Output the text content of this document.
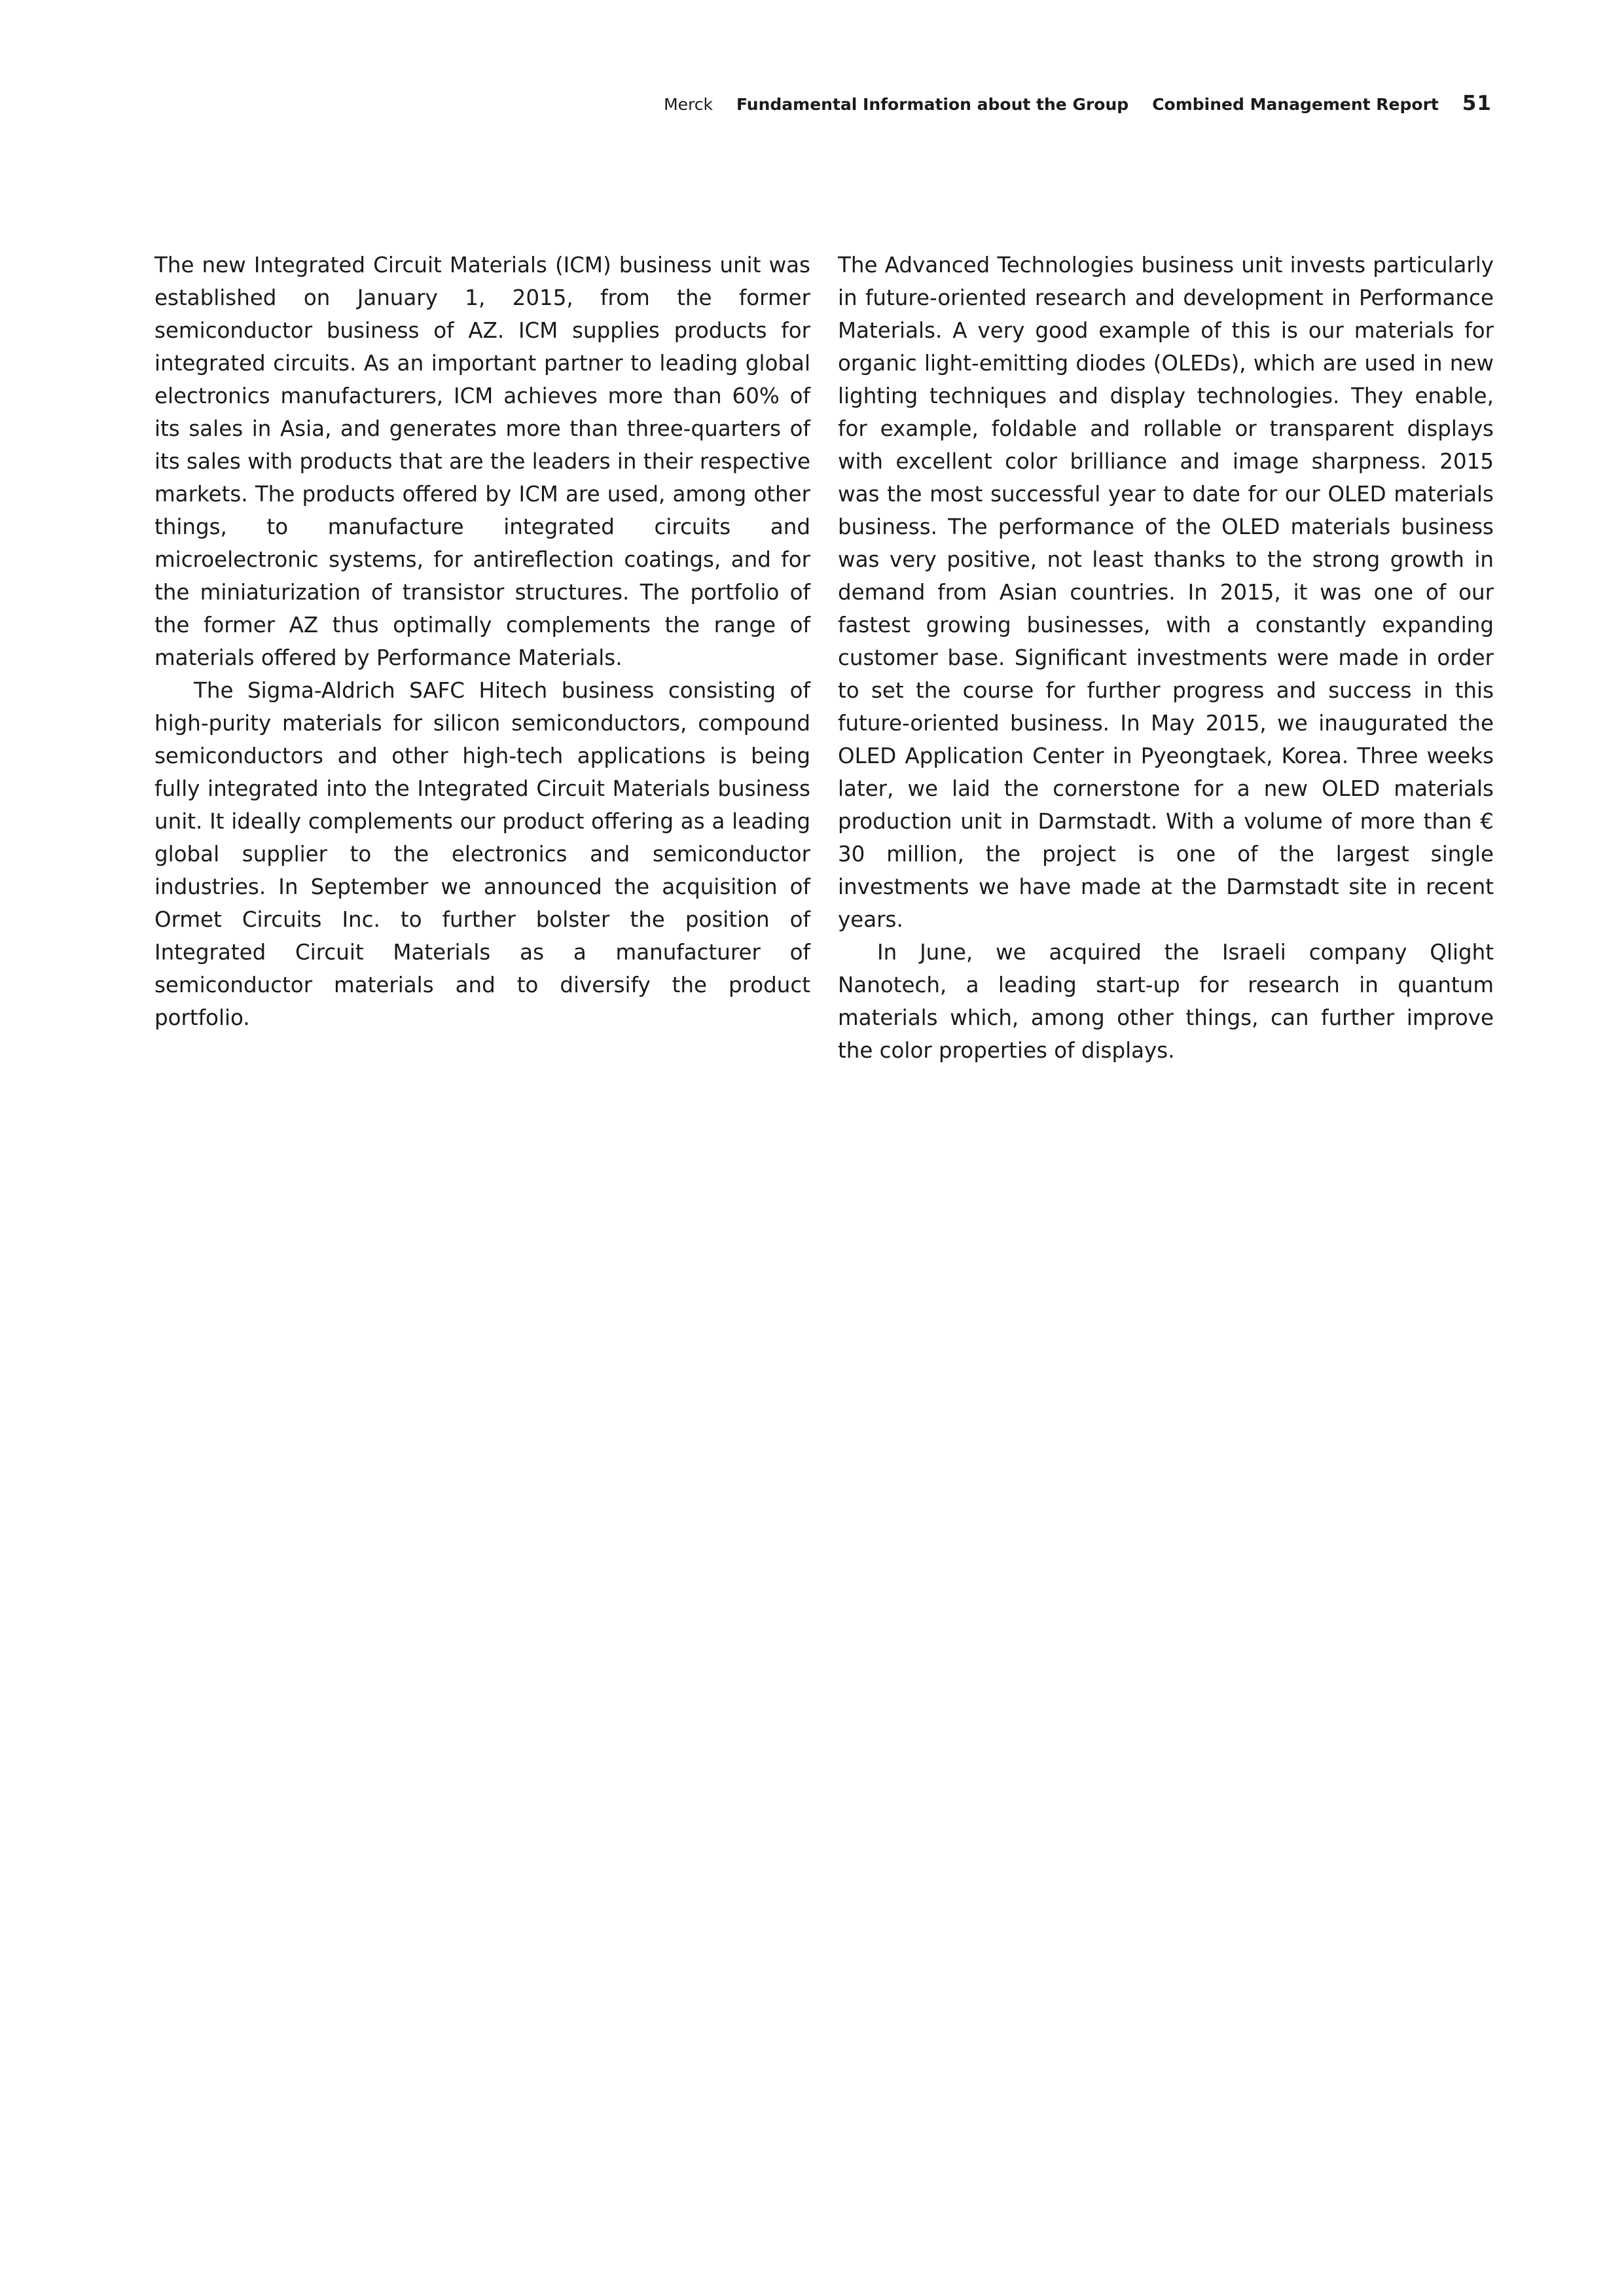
Merck Fundamental Information about the Group Combined Management Report 51

The new Integrated Circuit Materials (ICM) business unit was established on January 1, 2015, from the former semiconductor business of AZ. ICM supplies products for integrated circuits. As an important partner to leading global electronics manufacturers, ICM achieves more than 60% of its sales in Asia, and generates more than three-quarters of its sales with products that are the leaders in their respective markets. The products offered by ICM are used, among other things, to manufacture integrated circuits and microelectronic systems, for antireflection coatings, and for the miniaturization of transistor structures. The portfolio of the former AZ thus optimally complements the range of materials offered by Performance Materials.

The Sigma-Aldrich SAFC Hitech business consisting of high-purity materials for silicon semiconductors, compound semiconductors and other high-tech applications is being fully integrated into the Integrated Circuit Materials business unit. It ideally complements our product offering as a leading global supplier to the electronics and semiconductor industries. In September we announced the acquisition of Ormet Circuits Inc. to further bolster the position of Integrated Circuit Materials as a manufacturer of semiconductor materials and to diversify the product portfolio.

The Advanced Technologies business unit invests particularly in future-oriented research and development in Performance Materials. A very good example of this is our materials for organic light-emitting diodes (OLEDs), which are used in new lighting techniques and display technologies. They enable, for example, foldable and rollable or transparent displays with excellent color brilliance and image sharpness. 2015 was the most successful year to date for our OLED materials business. The performance of the OLED materials business was very positive, not least thanks to the strong growth in demand from Asian countries. In 2015, it was one of our fastest growing businesses, with a constantly expanding customer base. Significant investments were made in order to set the course for further progress and success in this future-oriented business. In May 2015, we inaugurated the OLED Application Center in Pyeongtaek, Korea. Three weeks later, we laid the cornerstone for a new OLED materials production unit in Darmstadt. With a volume of more than € 30 million, the project is one of the largest single investments we have made at the Darmstadt site in recent years.

In June, we acquired the Israeli company Qlight Nanotech, a leading start-up for research in quantum materials which, among other things, can further improve the color properties of displays.
